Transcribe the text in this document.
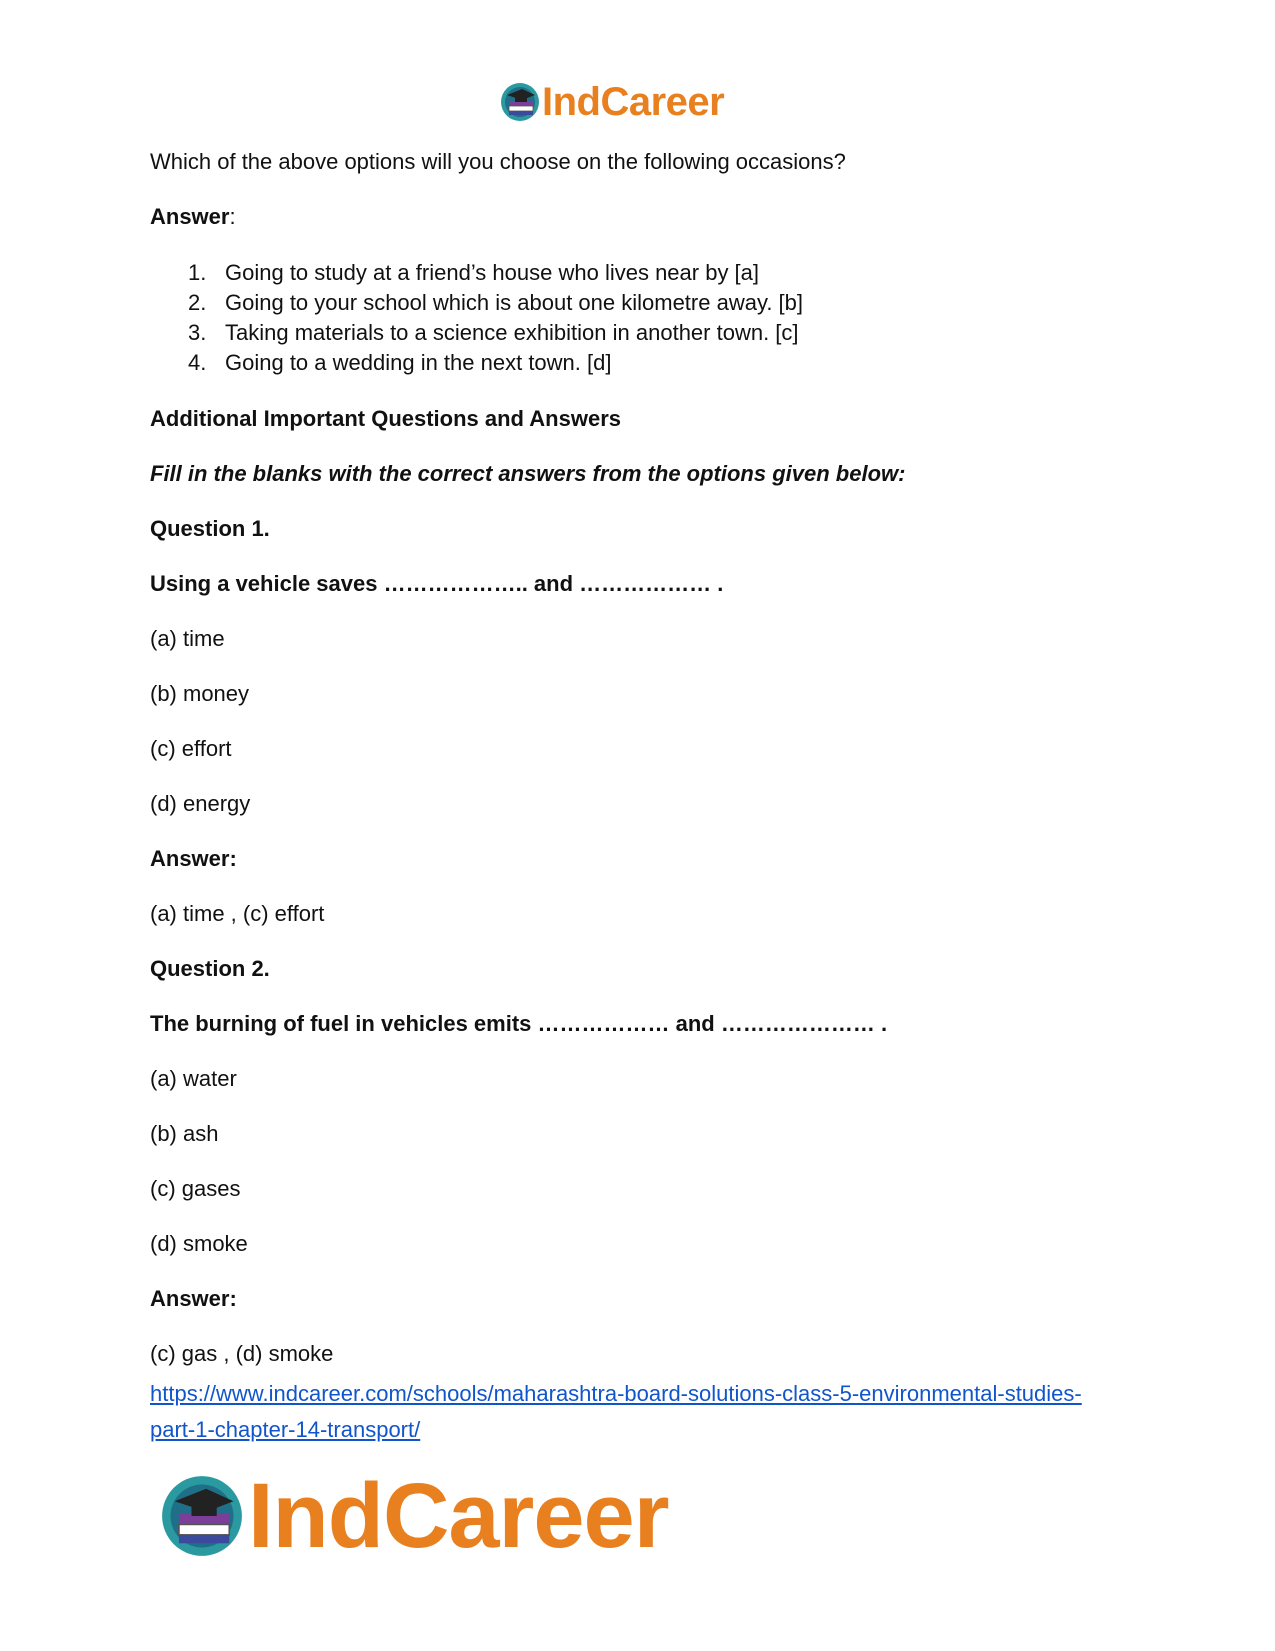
IndCareer

Which of the above options will you choose on the following occasions?

Answer:

1. Going to study at a friend’s house who lives near by [a]
2. Going to your school which is about one kilometre away. [b]
3. Taking materials to a science exhibition in another town. [c]
4. Going to a wedding in the next town. [d]

Additional Important Questions and Answers

Fill in the blanks with the correct answers from the options given below:

Question 1.

Using a vehicle saves ……………….. and ……………… .

(a) time

(b) money

(c) effort

(d) energy

Answer:

(a) time , (c) effort

Question 2.

The burning of fuel in vehicles emits ……………… and ………………… .

(a) water

(b) ash

(c) gases

(d) smoke

Answer:

(c) gas , (d) smoke

https://www.indcareer.com/schools/maharashtra-board-solutions-class-5-environmental-studies-
part-1-chapter-14-transport/
IndCareer
